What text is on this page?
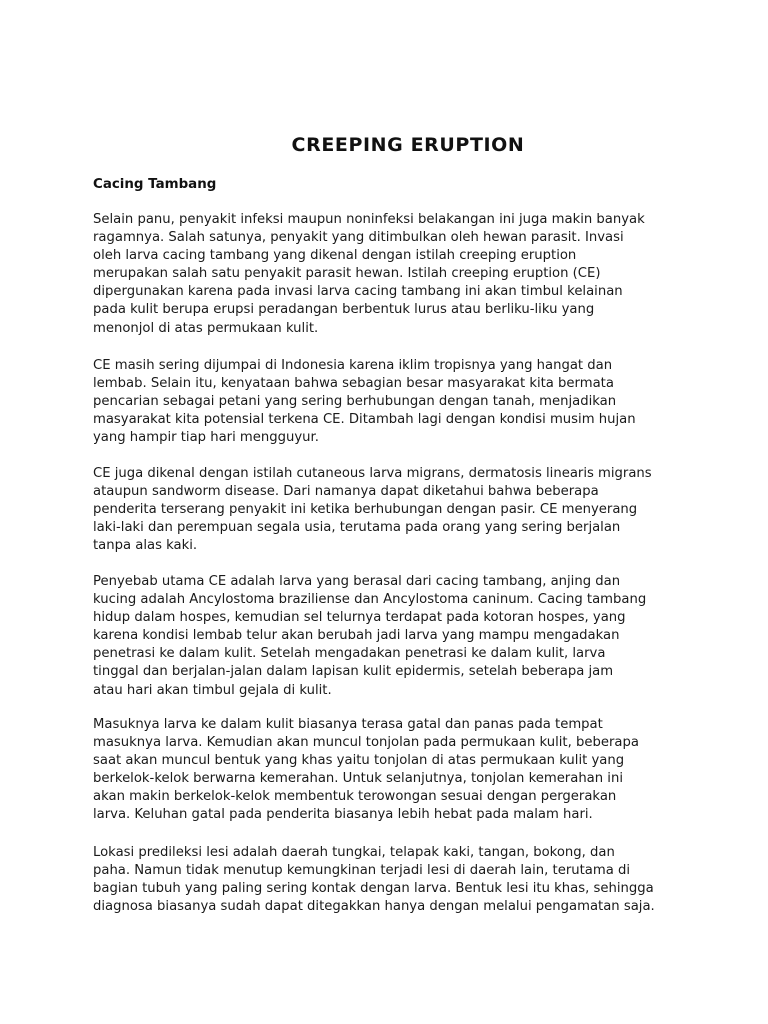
CREEPING ERUPTION
Cacing Tambang

Selain panu, penyakit infeksi maupun noninfeksi belakangan ini juga makin banyak
ragamnya. Salah satunya, penyakit yang ditimbulkan oleh hewan parasit. Invasi
oleh larva cacing tambang yang dikenal dengan istilah creeping eruption
merupakan salah satu penyakit parasit hewan. Istilah creeping eruption (CE)
dipergunakan karena pada invasi larva cacing tambang ini akan timbul kelainan
pada kulit berupa erupsi peradangan berbentuk lurus atau berliku-liku yang
menonjol di atas permukaan kulit.

CE masih sering dijumpai di Indonesia karena iklim tropisnya yang hangat dan
lembab. Selain itu, kenyataan bahwa sebagian besar masyarakat kita bermata
pencarian sebagai petani yang sering berhubungan dengan tanah, menjadikan
masyarakat kita potensial terkena CE. Ditambah lagi dengan kondisi musim hujan
yang hampir tiap hari mengguyur.

CE juga dikenal dengan istilah cutaneous larva migrans, dermatosis linearis migrans
ataupun sandworm disease. Dari namanya dapat diketahui bahwa beberapa
penderita terserang penyakit ini ketika berhubungan dengan pasir. CE menyerang
laki-laki dan perempuan segala usia, terutama pada orang yang sering berjalan
tanpa alas kaki.

Penyebab utama CE adalah larva yang berasal dari cacing tambang, anjing dan
kucing adalah Ancylostoma braziliense dan Ancylostoma caninum. Cacing tambang
hidup dalam hospes, kemudian sel telurnya terdapat pada kotoran hospes, yang
karena kondisi lembab telur akan berubah jadi larva yang mampu mengadakan
penetrasi ke dalam kulit. Setelah mengadakan penetrasi ke dalam kulit, larva
tinggal dan berjalan-jalan dalam lapisan kulit epidermis, setelah beberapa jam
atau hari akan timbul gejala di kulit.

Masuknya larva ke dalam kulit biasanya terasa gatal dan panas pada tempat
masuknya larva. Kemudian akan muncul tonjolan pada permukaan kulit, beberapa
saat akan muncul bentuk yang khas yaitu tonjolan di atas permukaan kulit yang
berkelok-kelok berwarna kemerahan. Untuk selanjutnya, tonjolan kemerahan ini
akan makin berkelok-kelok membentuk terowongan sesuai dengan pergerakan
larva. Keluhan gatal pada penderita biasanya lebih hebat pada malam hari.

Lokasi predileksi lesi adalah daerah tungkai, telapak kaki, tangan, bokong, dan
paha. Namun tidak menutup kemungkinan terjadi lesi di daerah lain, terutama di
bagian tubuh yang paling sering kontak dengan larva. Bentuk lesi itu khas, sehingga
diagnosa biasanya sudah dapat ditegakkan hanya dengan melalui pengamatan saja.
